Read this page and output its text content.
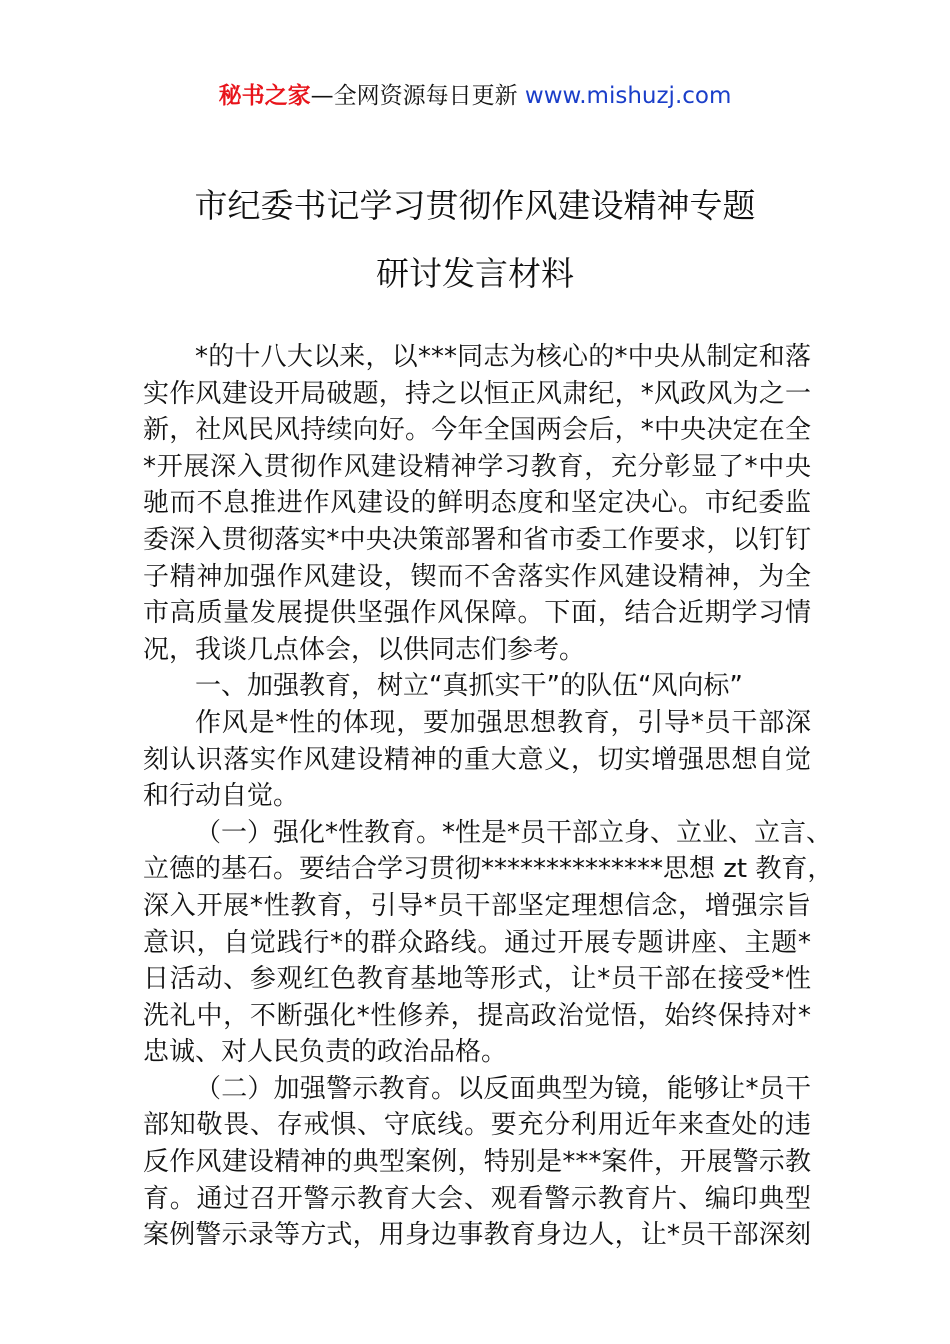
秘书之家—全网资源每日更新 www.mishuzj.com
市纪委书记学习贯彻作风建设精神专题
研讨发言材料
*的十八大以来，以***同志为核心的*中央从制定和落
实作风建设开局破题，持之以恒正风肃纪，*风政风为之一
新，社风民风持续向好。今年全国两会后，*中央决定在全
*开展深入贯彻作风建设精神学习教育，充分彰显了*中央
驰而不息推进作风建设的鲜明态度和坚定决心。市纪委监
委深入贯彻落实*中央决策部署和省市委工作要求，以钉钉
子精神加强作风建设，锲而不舍落实作风建设精神，为全
市高质量发展提供坚强作风保障。下面，结合近期学习情
况，我谈几点体会，以供同志们参考。
一、加强教育，树立“真抓实干”的队伍“风向标”
作风是*性的体现，要加强思想教育，引导*员干部深
刻认识落实作风建设精神的重大意义，切实增强思想自觉
和行动自觉。
（一）强化*性教育。*性是*员干部立身、立业、立言、
立德的基石。要结合学习贯彻**************思想 zt 教育，
深入开展*性教育，引导*员干部坚定理想信念，增强宗旨
意识，自觉践行*的群众路线。通过开展专题讲座、主题*
日活动、参观红色教育基地等形式，让*员干部在接受*性
洗礼中，不断强化*性修养，提高政治觉悟，始终保持对*
忠诚、对人民负责的政治品格。
（二）加强警示教育。以反面典型为镜，能够让*员干
部知敬畏、存戒惧、守底线。要充分利用近年来查处的违
反作风建设精神的典型案例，特别是***案件，开展警示教
育。通过召开警示教育大会、观看警示教育片、编印典型
案例警示录等方式，用身边事教育身边人，让*员干部深刻
